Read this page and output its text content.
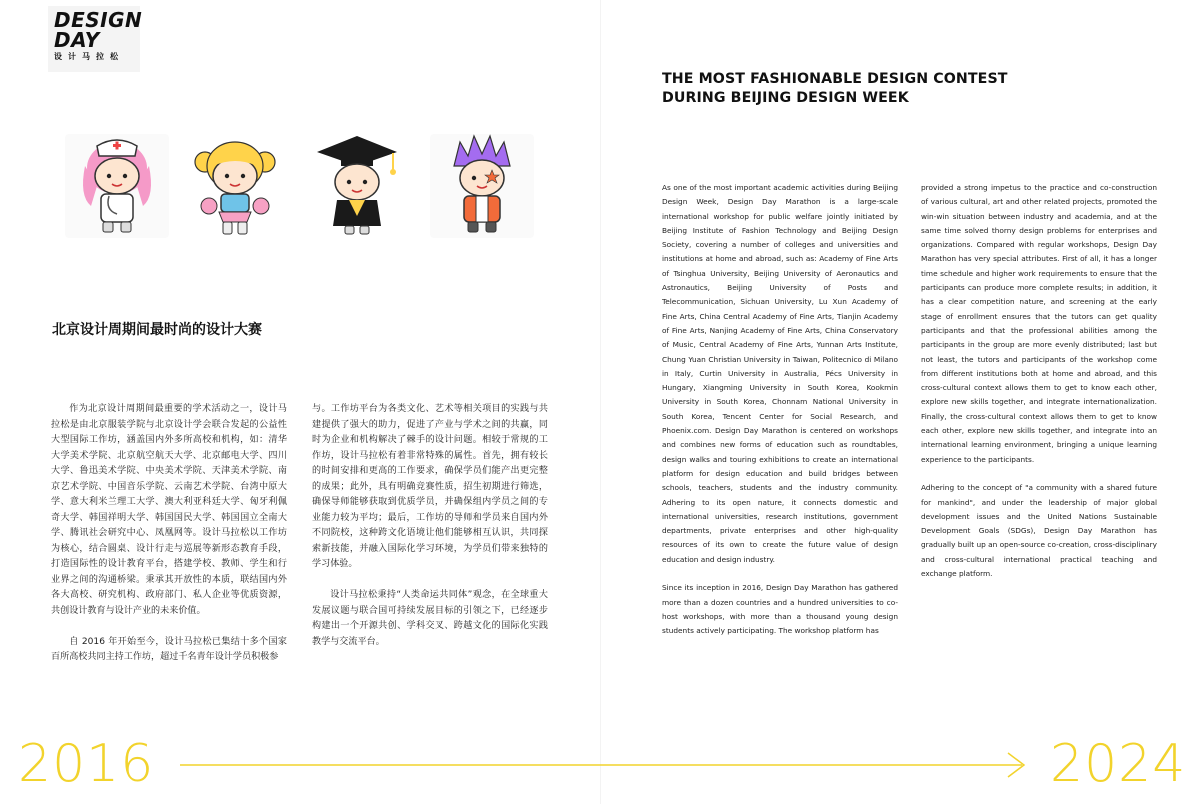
DESIGN
DAY
设计马拉松
北京设计周期间最时尚的设计大赛

作为北京设计周期间最重要的学术活动之一，设计马拉松是由北京服装学院与北京设计学会联合发起的公益性大型国际工作坊，涵盖国内外多所高校和机构，如：清华大学美术学院、北京航空航天大学、北京邮电大学、四川大学、鲁迅美术学院、中央美术学院、天津美术学院、南京艺术学院、中国音乐学院、云南艺术学院、台湾中原大学、意大利米兰理工大学、澳大利亚科廷大学、匈牙利佩奇大学、韩国祥明大学、韩国国民大学、韩国国立全南大学、腾讯社会研究中心、凤凰网等。设计马拉松以工作坊为核心，结合圆桌、设计行走与巡展等新形态教育手段，打造国际性的设计教育平台，搭建学校、教师、学生和行业界之间的沟通桥梁。秉承其开放性的本质，联结国内外各大高校、研究机构、政府部门、私人企业等优质资源，共创设计教育与设计产业的未来价值。

自 2016 年开始至今，设计马拉松已集结十多个国家百所高校共同主持工作坊，超过千名青年设计学员积极参

与。工作坊平台为各类文化、艺术等相关项目的实践与共建提供了强大的助力，促进了产业与学术之间的共赢，同时为企业和机构解决了棘手的设计问题。相较于常规的工作坊，设计马拉松有着非常特殊的属性。首先，拥有较长的时间安排和更高的工作要求，确保学员们能产出更完整的成果；此外，具有明确竞赛性质，招生初期进行筛选，确保导师能够获取到优质学员，并确保组内学员之间的专业能力较为平均；最后，工作坊的导师和学员来自国内外不同院校，这种跨文化语境让他们能够相互认识，共同探索新技能，并融入国际化学习环境，为学员们带来独特的学习体验。

设计马拉松秉持“人类命运共同体”观念，在全球重大发展议题与联合国可持续发展目标的引领之下，已经逐步构建出一个开源共创、学科交叉、跨越文化的国际化实践教学与交流平台。

THE MOST FASHIONABLE DESIGN CONTEST
DURING BEIJING DESIGN WEEK

As one of the most important academic activities during Beijing Design Week, Design Day Marathon is a large-scale international workshop for public welfare jointly initiated by Beijing Institute of Fashion Technology and Beijing Design Society, covering a number of colleges and universities and institutions at home and abroad, such as: Academy of Fine Arts of Tsinghua University, Beijing University of Aeronautics and Astronautics, Beijing University of Posts and Telecommunication, Sichuan University, Lu Xun Academy of Fine Arts, China Central Academy of Fine Arts, Tianjin Academy of Fine Arts, Nanjing Academy of Fine Arts, China Conservatory of Music, Central Academy of Fine Arts, Yunnan Arts Institute, Chung Yuan Christian University in Taiwan, Politecnico di Milano in Italy, Curtin University in Australia, Pécs University in Hungary, Xiangming University in South Korea, Kookmin University in South Korea, Chonnam National University in South Korea, Tencent Center for Social Research, and Phoenix.com. Design Day Marathon is centered on workshops and combines new forms of education such as roundtables, design walks and touring exhibitions to create an international platform for design education and build bridges between schools, teachers, students and the industry community. Adhering to its open nature, it connects domestic and international universities, research institutions, government departments, private enterprises and other high-quality resources of its own to create the future value of design education and design industry.

Since its inception in 2016, Design Day Marathon has gathered more than a dozen countries and a hundred universities to co-host workshops, with more than a thousand young design students actively participating. The workshop platform has

provided a strong impetus to the practice and co-construction of various cultural, art and other related projects, promoted the win-win situation between industry and academia, and at the same time solved thorny design problems for enterprises and organizations. Compared with regular workshops, Design Day Marathon has very special attributes. First of all, it has a longer time schedule and higher work requirements to ensure that the participants can produce more complete results; in addition, it has a clear competition nature, and screening at the early stage of enrollment ensures that the tutors can get quality participants and that the professional abilities among the participants in the group are more evenly distributed; last but not least, the tutors and participants of the workshop come from different institutions both at home and abroad, and this cross-cultural context allows them to get to know each other, explore new skills together, and integrate internationalization. Finally, the cross-cultural context allows them to get to know each other, explore new skills together, and integrate into an international learning environment, bringing a unique learning experience to the participants.

Adhering to the concept of "a community with a shared future for mankind", and under the leadership of major global development issues and the United Nations Sustainable Development Goals (SDGs), Design Day Marathon has gradually built up an open-source co-creation, cross-disciplinary and cross-cultural international practical teaching and exchange platform.

2016	2024
